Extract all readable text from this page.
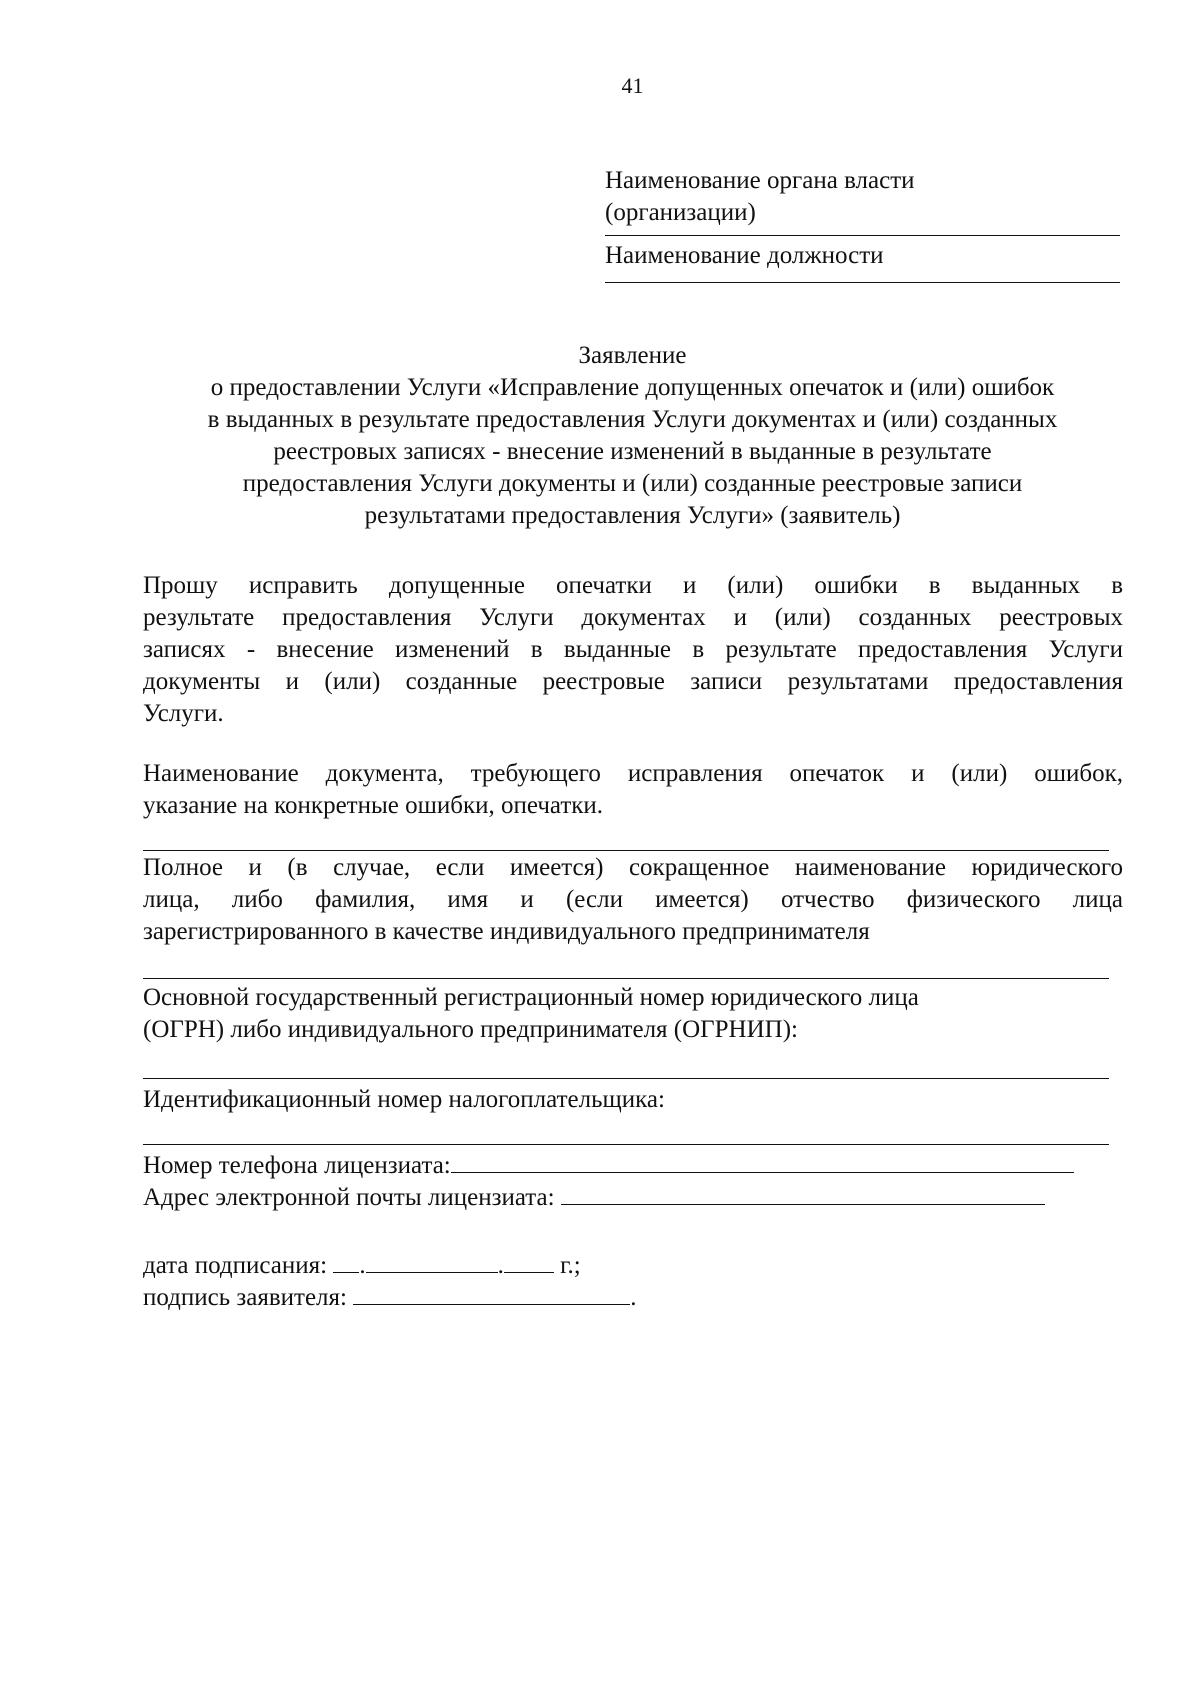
41
Наименование органа власти
(организации)
Наименование должности
Заявление
о предоставлении Услуги «Исправление допущенных опечаток и (или) ошибок
в выданных в результате предоставления Услуги документах и (или) созданных
реестровых записях - внесение изменений в выданные в результате
предоставления Услуги документы и (или) созданные реестровые записи
результатами предоставления Услуги» (заявитель)
Прошу исправить допущенные опечатки и (или) ошибки в выданных в
результате предоставления Услуги документах и (или) созданных реестровых
записях - внесение изменений в выданные в результате предоставления Услуги
документы и (или) созданные реестровые записи результатами предоставления
Услуги.
Наименование документа, требующего исправления опечаток и (или) ошибок,
указание на конкретные ошибки, опечатки.
Полное и (в случае, если имеется) сокращенное наименование юридического
лица, либо фамилия, имя и (если имеется) отчество физического лица
зарегистрированного в качестве индивидуального предпринимателя
Основной государственный регистрационный номер юридического лица
(ОГРН) либо индивидуального предпринимателя (ОГРНИП):
Идентификационный номер налогоплательщика:
Номер телефона лицензиата:
Адрес электронной почты лицензиата:
дата подписания: .	. г.;
подпись заявителя:	.
